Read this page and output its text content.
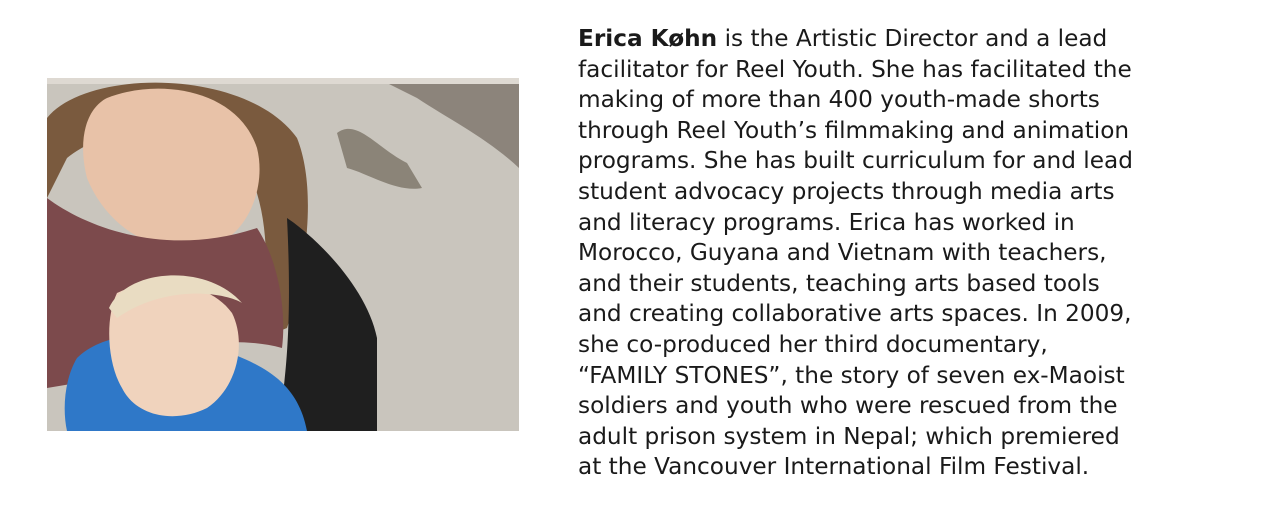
Erica Køhn is the Artistic Director and a lead
facilitator for Reel Youth. She has facilitated the
making of more than 400 youth-made shorts
through Reel Youth’s filmmaking and animation
programs. She has built curriculum for and lead
student advocacy projects through media arts
and literacy programs. Erica has worked in
Morocco, Guyana and Vietnam with teachers,
and their students, teaching arts based tools
and creating collaborative arts spaces. In 2009,
she co-produced her third documentary,
“FAMILY STONES”, the story of seven ex-Maoist
soldiers and youth who were rescued from the
adult prison system in Nepal; which premiered
at the Vancouver International Film Festival.
